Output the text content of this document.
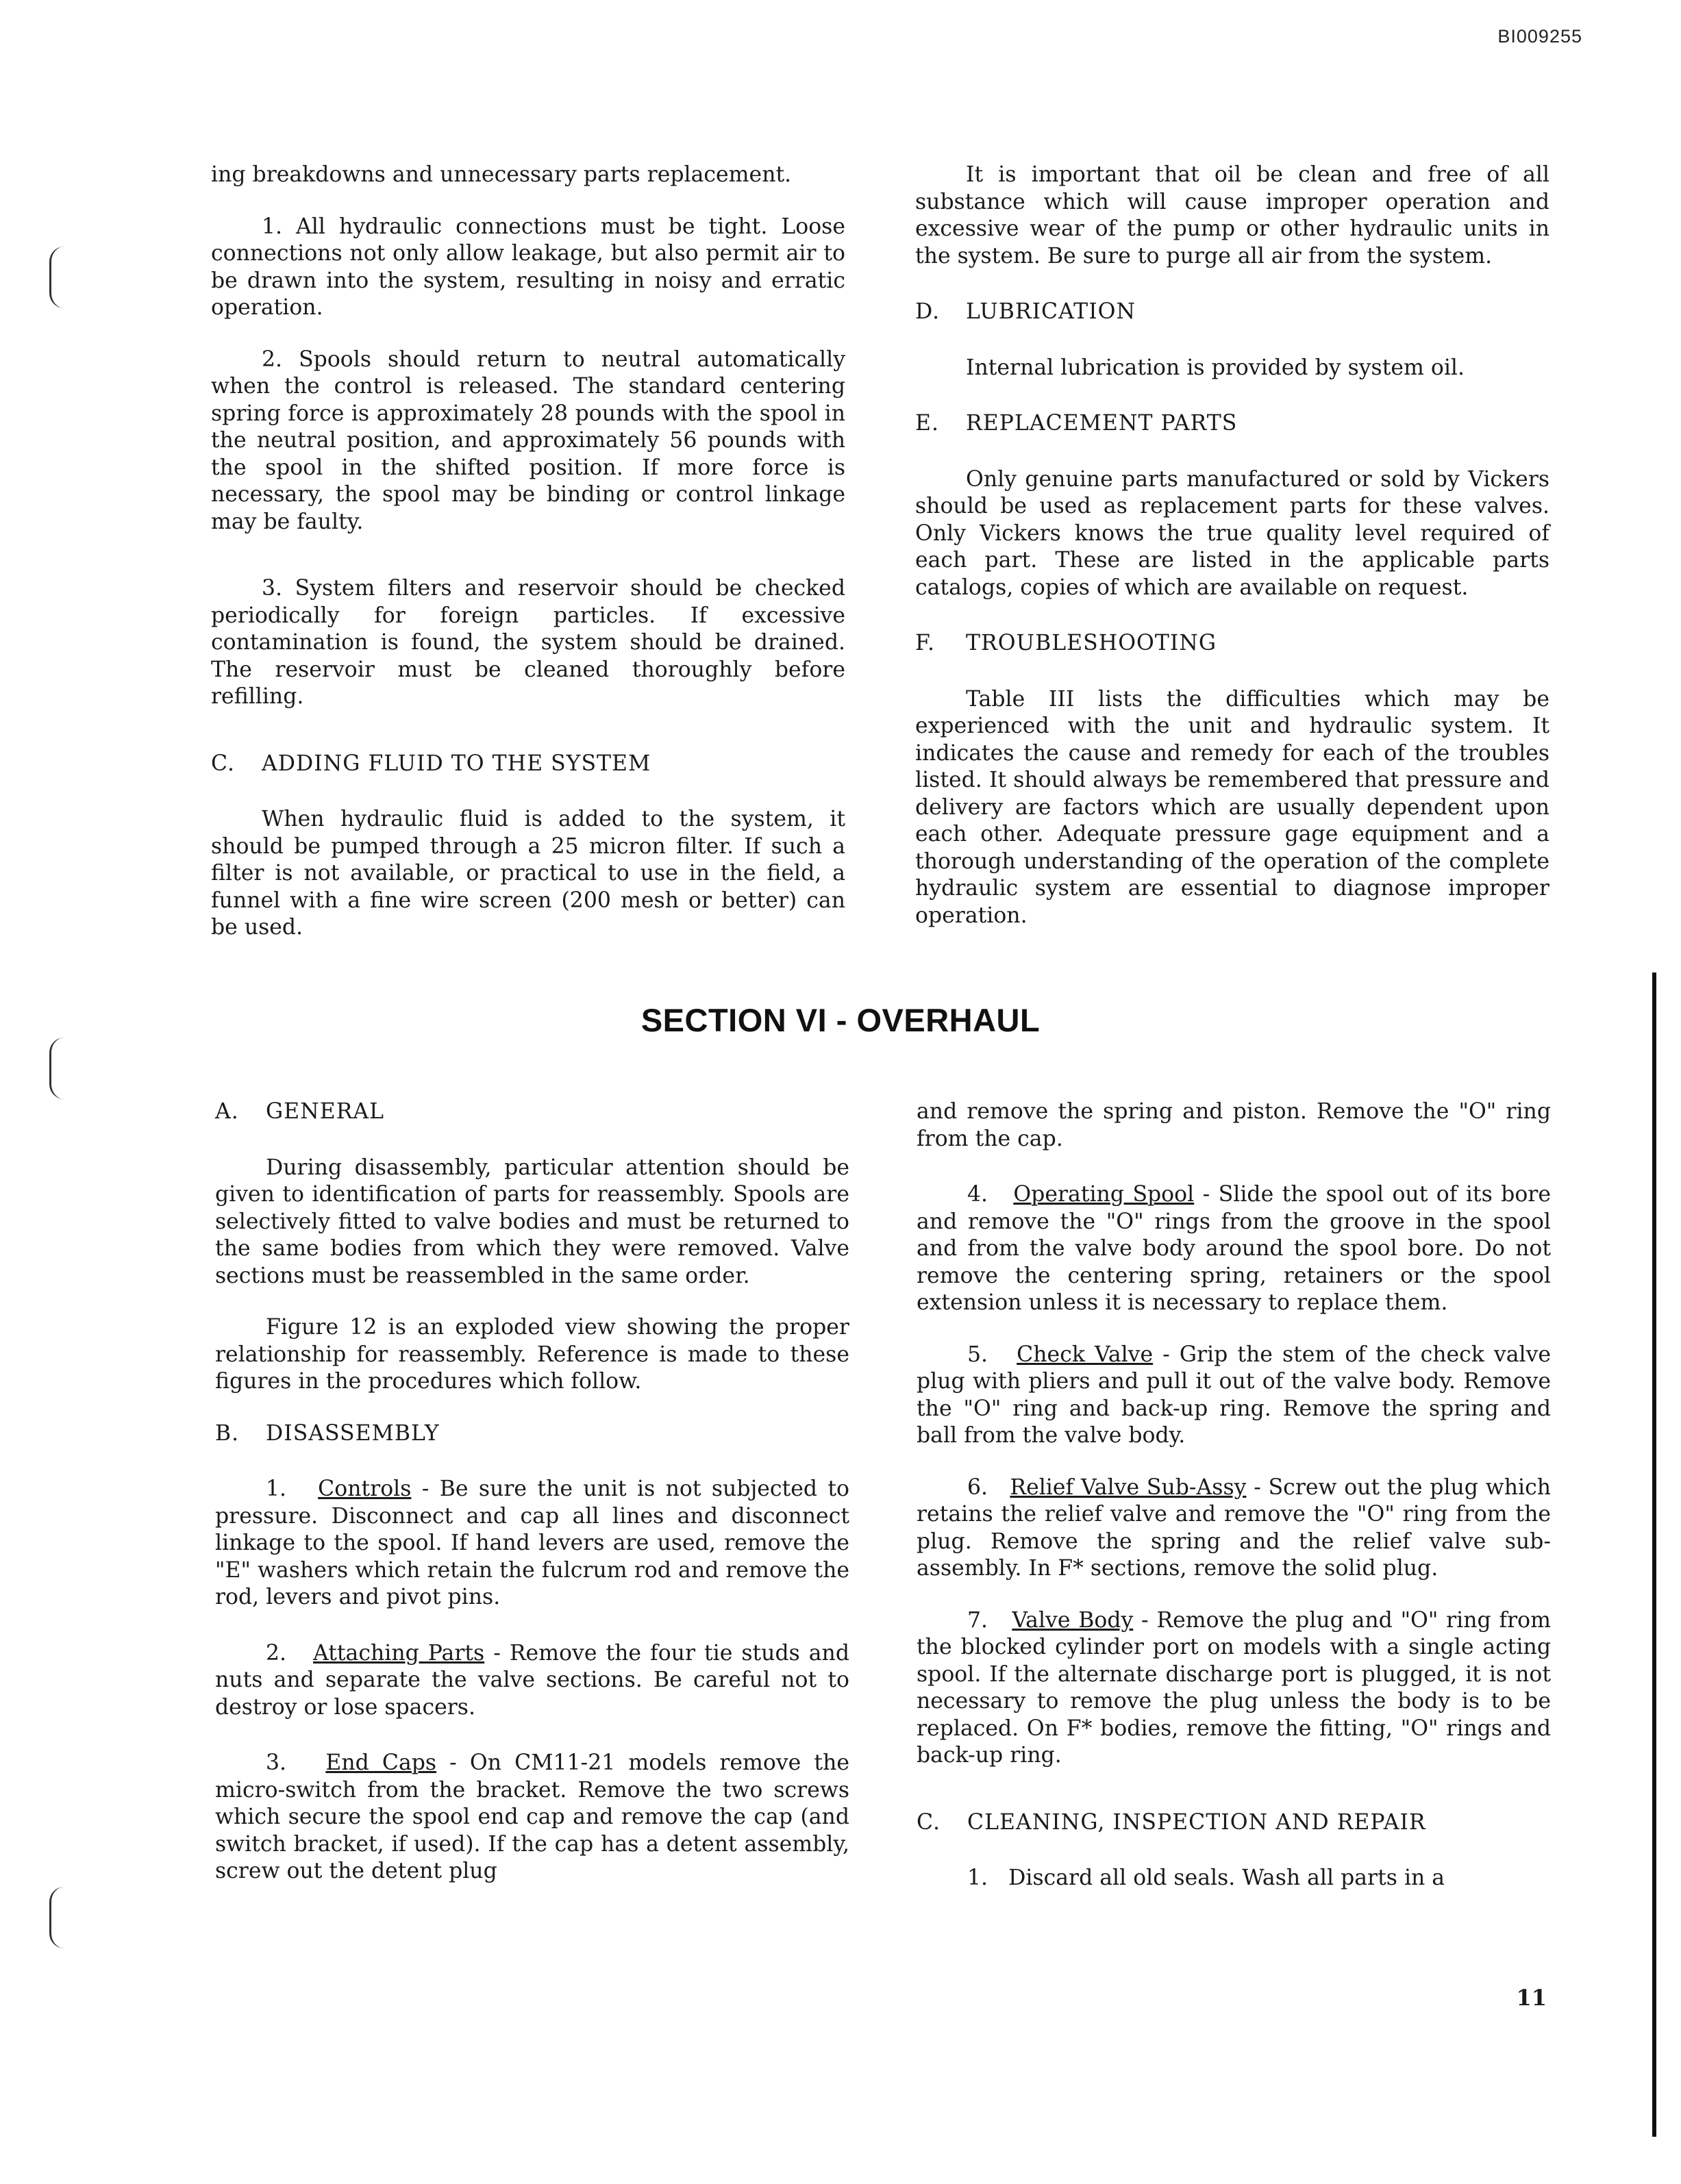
BI009255

ing breakdowns and unnecessary parts replacement.

1. All hydraulic connections must be tight. Loose connections not only allow leakage, but also permit air to be drawn into the system, resulting in noisy and erratic operation.

2. Spools should return to neutral automatically when the control is released. The standard centering spring force is approximately 28 pounds with the spool in the neutral position, and approximately 56 pounds with the spool in the shifted position. If more force is necessary, the spool may be binding or control linkage may be faulty.

3. System filters and reservoir should be checked periodically for foreign particles. If excessive contamination is found, the system should be drained. The reservoir must be cleaned thoroughly before refilling.

C. ADDING FLUID TO THE SYSTEM

When hydraulic fluid is added to the system, it should be pumped through a 25 micron filter. If such a filter is not available, or practical to use in the field, a funnel with a fine wire screen (200 mesh or better) can be used.

It is important that oil be clean and free of all substance which will cause improper operation and excessive wear of the pump or other hydraulic units in the system. Be sure to purge all air from the system.

D. LUBRICATION

Internal lubrication is provided by system oil.

E. REPLACEMENT PARTS

Only genuine parts manufactured or sold by Vickers should be used as replacement parts for these valves. Only Vickers knows the true quality level required of each part. These are listed in the applicable parts catalogs, copies of which are available on request.

F. TROUBLESHOOTING

Table III lists the difficulties which may be experienced with the unit and hydraulic system. It indicates the cause and remedy for each of the troubles listed. It should always be remembered that pressure and delivery are factors which are usually dependent upon each other. Adequate pressure gage equipment and a thorough understanding of the operation of the complete hydraulic system are essential to diagnose improper operation.

SECTION VI - OVERHAUL
A. GENERAL

During disassembly, particular attention should be given to identification of parts for reassembly. Spools are selectively fitted to valve bodies and must be returned to the same bodies from which they were removed. Valve sections must be reassembled in the same order.

Figure 12 is an exploded view showing the proper relationship for reassembly. Reference is made to these figures in the procedures which follow.

B. DISASSEMBLY

1. Controls - Be sure the unit is not subjected to pressure. Disconnect and cap all lines and disconnect linkage to the spool. If hand levers are used, remove the "E" washers which retain the fulcrum rod and remove the rod, levers and pivot pins.

2. Attaching Parts - Remove the four tie studs and nuts and separate the valve sections. Be careful not to destroy or lose spacers.

3. End Caps - On CM11-21 models remove the micro-switch from the bracket. Remove the two screws which secure the spool end cap and remove the cap (and switch bracket, if used). If the cap has a detent assembly, screw out the detent plug

and remove the spring and piston. Remove the "O" ring from the cap.

4. Operating Spool - Slide the spool out of its bore and remove the "O" rings from the groove in the spool and from the valve body around the spool bore. Do not remove the centering spring, retainers or the spool extension unless it is necessary to replace them.

5. Check Valve - Grip the stem of the check valve plug with pliers and pull it out of the valve body. Remove the "O" ring and back-up ring. Remove the spring and ball from the valve body.

6. Relief Valve Sub-Assy - Screw out the plug which retains the relief valve and remove the "O" ring from the plug. Remove the spring and the relief valve sub-assembly. In F* sections, remove the solid plug.

7. Valve Body - Remove the plug and "O" ring from the blocked cylinder port on models with a single acting spool. If the alternate discharge port is plugged, it is not necessary to remove the plug unless the body is to be replaced. On F* bodies, remove the fitting, "O" rings and back-up ring.

C. CLEANING, INSPECTION AND REPAIR

1. Discard all old seals. Wash all parts in a

11
